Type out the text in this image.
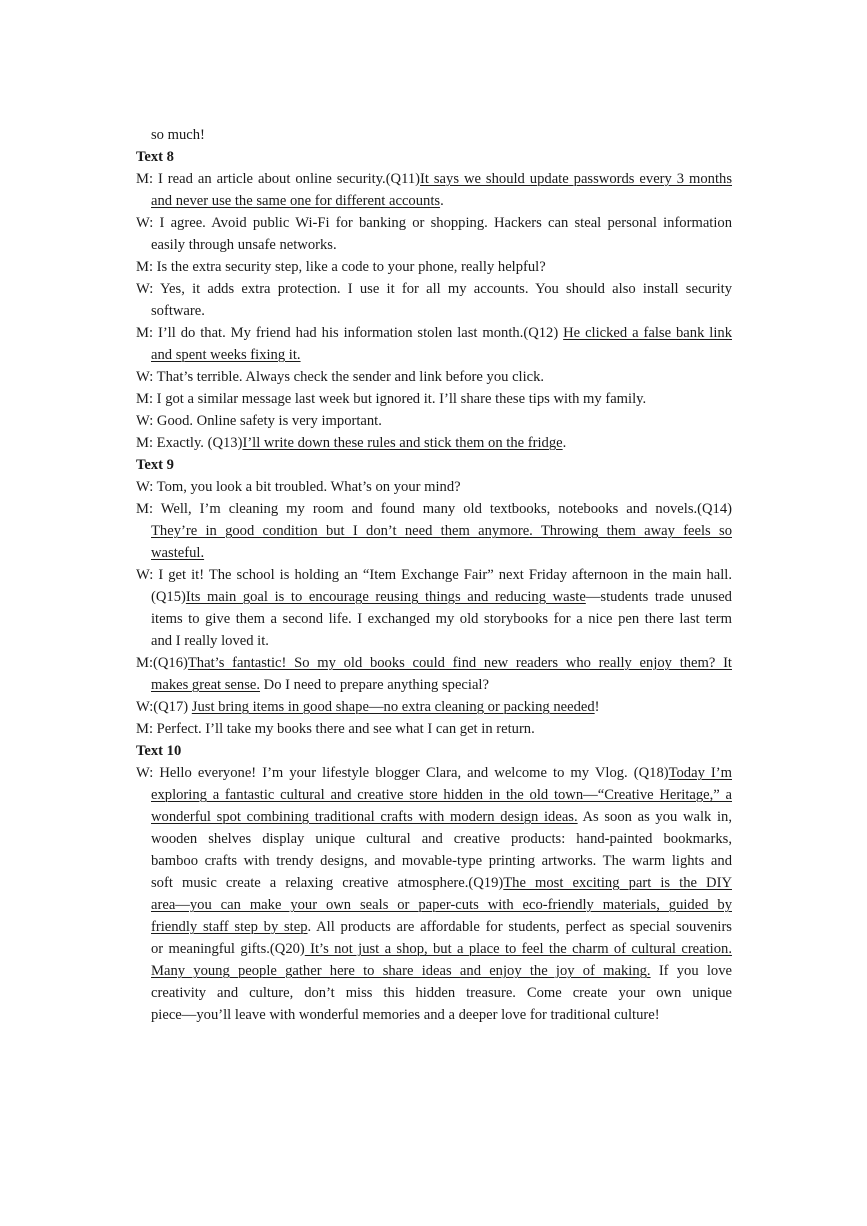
so much!
Text 8
M: I read an article about online security.(Q11)It says we should update passwords every 3 months
and never use the same one for different accounts.
W: I agree. Avoid public Wi-Fi for banking or shopping. Hackers can steal personal information
easily through unsafe networks.
M: Is the extra security step, like a code to your phone, really helpful?
W: Yes, it adds extra protection. I use it for all my accounts. You should also install security
software.
M: I’ll do that. My friend had his information stolen last month.(Q12) He clicked a false bank link
and spent weeks fixing it.
W: That’s terrible. Always check the sender and link before you click.
M: I got a similar message last week but ignored it. I’ll share these tips with my family.
W: Good. Online safety is very important.
M: Exactly. (Q13)I’ll write down these rules and stick them on the fridge.
Text 9
W: Tom, you look a bit troubled. What’s on your mind?
M: Well, I’m cleaning my room and found many old textbooks, notebooks and novels.(Q14)
They’re in good condition but I don’t need them anymore. Throwing them away feels so
wasteful.
W: I get it! The school is holding an “Item Exchange Fair” next Friday afternoon in the main hall.
(Q15)Its main goal is to encourage reusing things and reducing waste—students trade unused
items to give them a second life. I exchanged my old storybooks for a nice pen there last term
and I really loved it.
M:(Q16)That’s fantastic! So my old books could find new readers who really enjoy them? It
makes great sense. Do I need to prepare anything special?
W:(Q17) Just bring items in good shape—no extra cleaning or packing needed!
M: Perfect. I’ll take my books there and see what I can get in return.
Text 10
W: Hello everyone! I’m your lifestyle blogger Clara, and welcome to my Vlog. (Q18)Today I’m
exploring a fantastic cultural and creative store hidden in the old town—“Creative Heritage,” a
wonderful spot combining traditional crafts with modern design ideas. As soon as you walk in,
wooden shelves display unique cultural and creative products: hand-painted bookmarks,
bamboo crafts with trendy designs, and movable-type printing artworks. The warm lights and
soft music create a relaxing creative atmosphere.(Q19)The most exciting part is the DIY
area—you can make your own seals or paper-cuts with eco-friendly materials, guided by
friendly staff step by step. All products are affordable for students, perfect as special souvenirs
or meaningful gifts.(Q20) It’s not just a shop, but a place to feel the charm of cultural creation.
Many young people gather here to share ideas and enjoy the joy of making. If you love
creativity and culture, don’t miss this hidden treasure. Come create your own unique
piece—you’ll leave with wonderful memories and a deeper love for traditional culture!
